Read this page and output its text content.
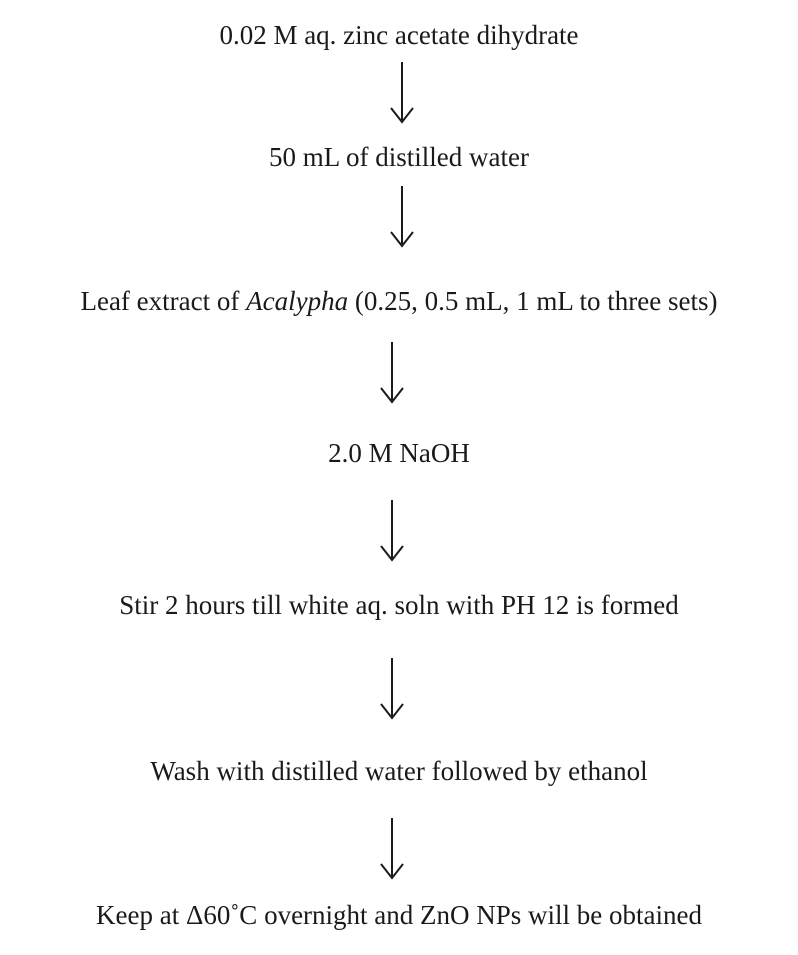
0.02 M aq. zinc acetate dihydrate
50 mL of distilled water
Leaf extract of Acalypha (0.25, 0.5 mL, 1 mL to three sets)
2.0 M NaOH
Stir 2 hours till white aq. soln with PH 12 is formed
Wash with distilled water followed by ethanol
Keep at Δ60˚C overnight and ZnO NPs will be obtained
